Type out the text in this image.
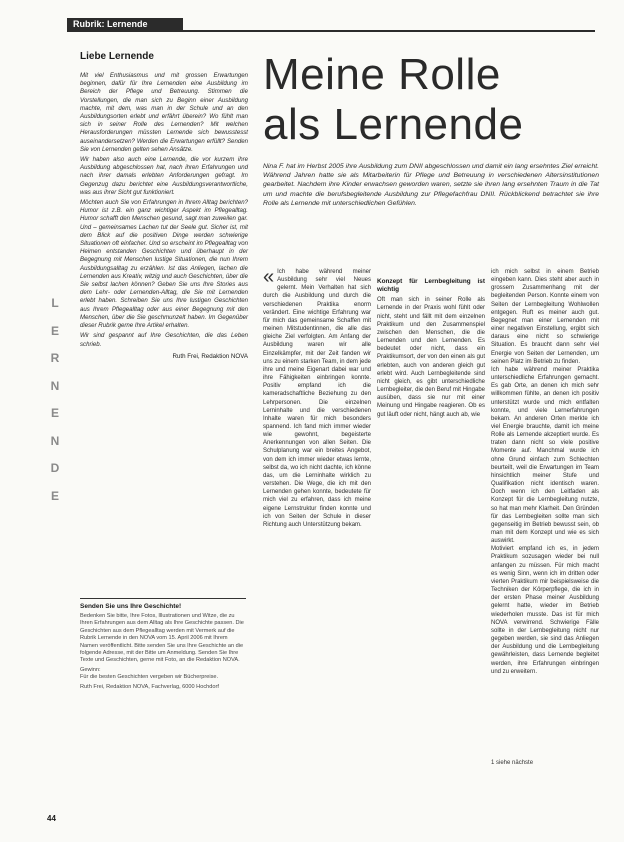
Rubrik: Lernende
L
E
R
N
E
N
D
E
Liebe Lernende

Mit viel Enthusiasmus und mit grossen Erwartungen beginnen, dafür für Ihre Lernenden eine Ausbildung im Bereich der Pflege und Betreuung. Stimmen die Vorstellungen, die man sich zu Beginn einer Ausbildung machte, mit dem, was man in der Schule und an den Ausbildungsorten erlebt und erfährt überein? Wo fühlt man sich in seiner Rolle des Lernenden? Mit welchen Herausforderungen müssten Lernende sich bewusstesst auseinandersetzen? Werden die Erwartungen erfüllt? Senden Sie von Lernenden gelten sehen Ansätze.

Wir haben also auch eine Lernende, die vor kurzem ihre Ausbildung abgeschlossen hat, nach ihren Erfahrungen und nach ihrer damals erlebten Anforderungen gefragt. Im Gegenzug dazu berichtet eine Ausbildungsverantwortliche, was aus ihrer Sicht gut funktioniert.

Möchten auch Sie von Erfahrungen in Ihrem Alltag berichten? Humor ist z.B. ein ganz wichtiger Aspekt im Pflegealltag. Humor schafft den Menschen gesund, sagt man zuweilen gar. Und – gemeinsames Lachen tut der Seele gut. Sicher ist, mit dem Blick auf die positiven Dinge werden schwierige Situationen oft einfacher. Und so erscheint im Pflegealltag von Heimen entstanden Geschichten und überhaupt in der Begegnung mit Menschen lustige Situationen, die nun Ihrem Ausbildungsalltag zu erzählen. Ist das Anliegen, lachen die Lernenden aus Kreativ, witzig und auch Geschichten, über die Sie selbst lachen können? Geben Sie uns Ihre Stories aus dem Lehr- oder Lernenden-Alltag, die Sie mit Lernenden erlebt haben. Schreiben Sie uns Ihre lustigen Geschichten aus Ihrem Pflegealltag oder aus einer Begegnung mit den Menschen, über die Sie geschmunzelt haben. Im Gegenüber dieser Rubrik gerne Ihre Artikel erhalten.

Wir sind gespannt auf Ihre Geschichten, die das Leben schrieb.

Ruth Frei, Redaktion NOVA
Senden Sie uns Ihre Geschichte!
Bedenken Sie bitte, Ihre Fotos, Illustrationen und Witze, die zu Ihren Erfahrungen aus dem Alltag als Ihre Geschichte passen. Die Geschichten aus dem Pflegealltag werden mit Vermerk auf die Rubrik Lernende in den NOVA vom 15. April 2006 mit Ihrem Namen veröffentlicht. Bitte senden Sie uns Ihre Geschichte an die folgende Adresse, mit der Bitte um Anmeldung. Senden Sie Ihre Texte und Geschichten, gerne mit Foto, an die Redaktion NOVA.
Gewinn:
Für die besten Geschichten vergeben wir Bücherpreise.
Ruth Frei, Redaktion NOVA, Fachverlag, 6000 Hochdorf
Meine Rolle
als Lernende
Nina F. hat im Herbst 2005 ihre Ausbildung zum DNII abgeschlossen und damit ein lang ersehntes Ziel erreicht. Während Jahren hatte sie als Mitarbeiterin für Pflege und Betreuung in verschiedenen Altersinstitutionen gearbeitet. Nachdem ihre Kinder erwachsen geworden waren, setzte sie ihren lang ersehnten Traum in die Tat um und machte die berufsbegleitende Ausbildung zur Pflegefachfrau DNII. Rückblickend betrachtet sie ihre Rolle als Lernende mit unterschiedlichen Gefühlen.
« Ich habe während meiner Ausbildung sehr viel Neues gelernt. Mein Verhalten hat sich durch die Ausbildung und durch die verschiedenen Praktika enorm verändert. Eine wichtige Erfahrung war für mich das gemeinsame Schaffen mit meinen Mitstudentinnen, die alle das gleiche Ziel verfolgten. Am Anfang der Ausbildung waren wir alle Einzelkämpfer, mit der Zeit fanden wir uns zu einem starken Team, in dem jede ihre und meine Eigenart dabei war und ihre Fähigkeiten einbringen konnte. Positiv empfand ich die kameradschaftliche Beziehung zu den Lehrpersonen. Die einzelnen Lerninhalte und die verschiedenen Inhalte waren für mich besonders spannend. Ich fand mich immer wieder wie gewohnt, begeisterte Anerkennungen von allen Seiten. Die Schulplanung war ein breites Angebot, von dem ich immer wieder etwas lernte, selbst da, wo ich nicht dachte, ich könne das, um die Lerninhalte wirklich zu verstehen. Die Wege, die ich mit den Lernenden gehen konnte, bedeutete für mich viel zu erfahren, dass ich meine eigene Lernstruktur finden konnte und ich von Seiten der Schule in dieser Richtung auch Unterstützung bekam.

Konzept für Lernbegleitung ist wichtig

Oft man sich in seiner Rolle als Lernende in der Praxis wohl fühlt oder nicht, steht und fällt mit dem einzelnen Praktikum und den Zusammenspiel zwischen den Menschen, die die Lernenden und den Lernenden. Es bedeutet oder nicht, dass ein Praktikumsort, der von den einen als gut erlebten, auch von anderen gleich gut erlebt wird. Auch Lernbegleitende sind nicht gleich, es gibt unterschiedliche Lernbegleiter, die den Beruf mit Hingabe ausüben, dass sie nur mit einer Meinung und Hingabe reagieren. Ob es gut läuft oder nicht, hängt auch ab, wie

ich mich selbst in einem Betrieb eingeben kann. Dies steht aber auch in grossem Zusammenhang mit der begleitenden Person. Konnte einem von Seiten der Lernbegleitung Wohlwollen entgegen. Ruft es meiner auch gut. Begegnet man einer Lernenden mit einer negativen Einstellung, ergibt sich daraus eine nicht so schwierige Situation. Es braucht dann sehr viel Energie von Seiten der Lernenden, um seinen Platz im Betrieb zu finden.

Ich habe während meiner Praktika unterschiedliche Erfahrungen gemacht. Es gab Orte, an denen ich mich sehr willkommen fühlte, an denen ich positiv unterstützt wurde und mich entfalten konnte, und viele Lernerfahrungen bekam. An anderen Orten merkte ich viel Energie brauchte, damit ich meine Rolle als Lernende akzeptiert wurde. Es traten dann nicht so viele positive Momente auf. Manchmal wurde ich ohne Grund einfach zum Schlechten beurteilt, weil die Erwartungen im Team hinsichtlich meiner Stufe und Qualifikation nicht identisch waren. Doch wenn ich den Leitfaden als Konzept für die Lernbegleitung nutzte, so hat man mehr Klarheit. Den Gründen für das Lernbegleiten sollte man sich gegenseitig im Betrieb bewusst sein, ob man mit dem Konzept und wie es sich auswirkt.

Motiviert empfand ich es, in jedem Praktikum sozusagen wieder bei null anfangen zu müssen. Für mich macht es wenig Sinn, wenn ich im dritten oder vierten Praktikum mir beispielsweise die Techniken der Körperpflege, die ich in der ersten Phase meiner Ausbildung gelernt hatte, wieder im Betrieb wiederholen musste. Das ist für mich NOVA verwirrend. Schwierige Fälle sollte in der Lernbegleitung nicht nur gegeben werden, sie sind das Anliegen der Ausbildung und die Lernbegleitung gewährleisten, dass Lernende begleitet werden, ihre Erfahrungen einbringen und zu erweitern.

1 siehe nächste
44
